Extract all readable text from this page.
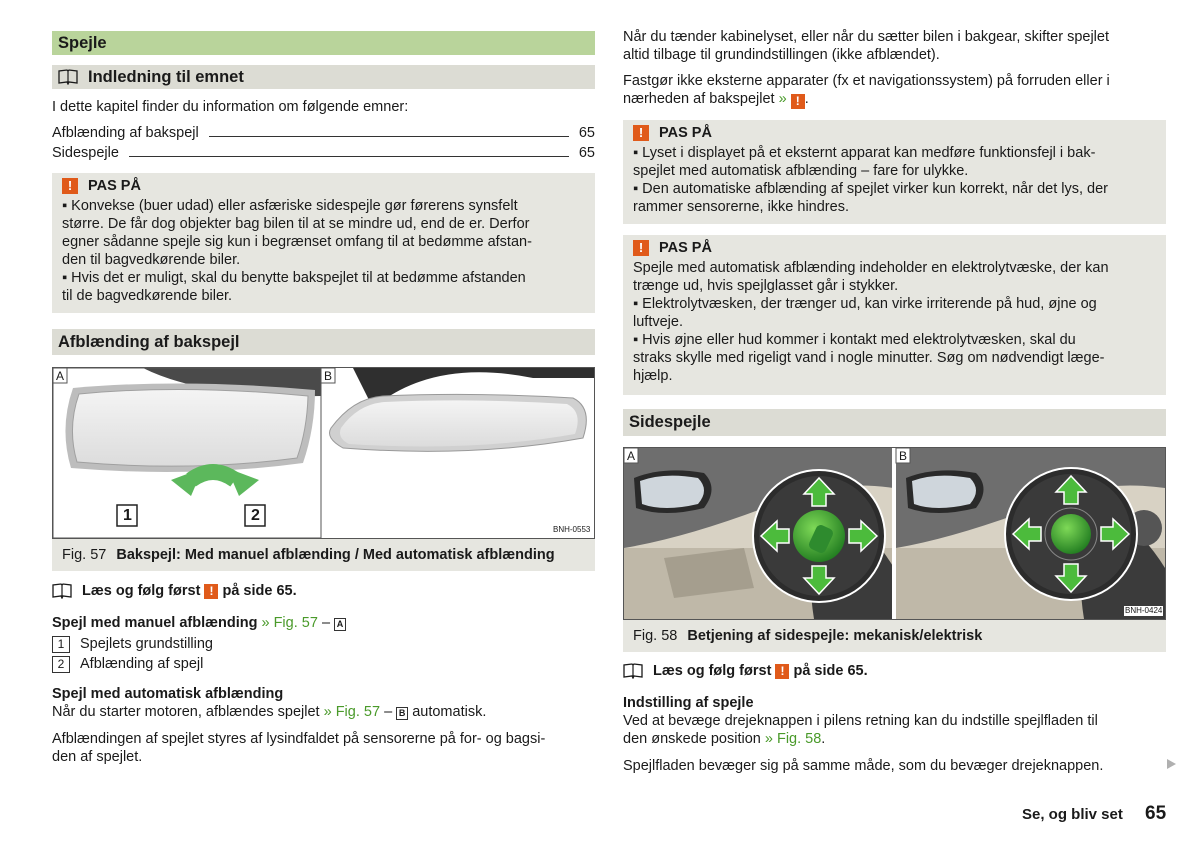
Spejle
Indledning til emnet
I dette kapitel finder du information om følgende emner:
Afblænding af bakspejl	65
Sidespejle	65
!	PAS PÅ
▪ Konvekse (buer udad) eller asfæriske sidespejle gør førerens synsfelt
større. De får dog objekter bag bilen til at se mindre ud, end de er. Derfor
egner sådanne spejle sig kun i begrænset omfang til at bedømme afstan-
den til bagvedkørende biler.
▪ Hvis det er muligt, skal du benytte bakspejlet til at bedømme afstanden
til de bagvedkørende biler.
Afblænding af bakspejl
A	B
1	2
BNH-0553
Fig. 57 Bakspejl: Med manuel afblænding / Med automatisk afblænding
Læs og følg først
!
på side 65.
Spejl med manuel afblænding » Fig. 57 – A
1	Spejlets grundstilling
2	Afblænding af spejl
Spejl med automatisk afblænding
Når du starter motoren, afblændes spejlet » Fig. 57 – B automatisk.
Afblændingen af spejlet styres af lysindfaldet på sensorerne på for- og bagsi-
den af spejlet.
Når du tænder kabinelyset, eller når du sætter bilen i bakgear, skifter spejlet
altid tilbage til grundindstillingen (ikke afblændet).
Fastgør ikke eksterne apparater (fx et navigationssystem) på forruden eller i
nærheden af bakspejlet » ! .
!	PAS PÅ
▪ Lyset i displayet på et eksternt apparat kan medføre funktionsfejl i bak-
spejlet med automatisk afblænding – fare for ulykke.
▪ Den automatiske afblænding af spejlet virker kun korrekt, når det lys, der
rammer sensorerne, ikke hindres.
!	PAS PÅ
Spejle med automatisk afblænding indeholder en elektrolytvæske, der kan
trænge ud, hvis spejlglasset går i stykker.
▪ Elektrolytvæsken, der trænger ud, kan virke irriterende på hud, øjne og
luftveje.
▪ Hvis øjne eller hud kommer i kontakt med elektrolytvæsken, skal du
straks skylle med rigeligt vand i nogle minutter. Søg om nødvendigt læge-
hjælp.
Sidespejle
A	B
BNH-0424
Fig. 58 Betjening af sidespejle: mekanisk/elektrisk
Læs og følg først
!
på side 65.
Indstilling af spejle
Ved at bevæge drejeknappen i pilens retning kan du indstille spejlfladen til
den ønskede position » Fig. 58.
Spejlfladen bevæger sig på samme måde, som du bevæger drejeknappen.
Se, og bliv set 65
